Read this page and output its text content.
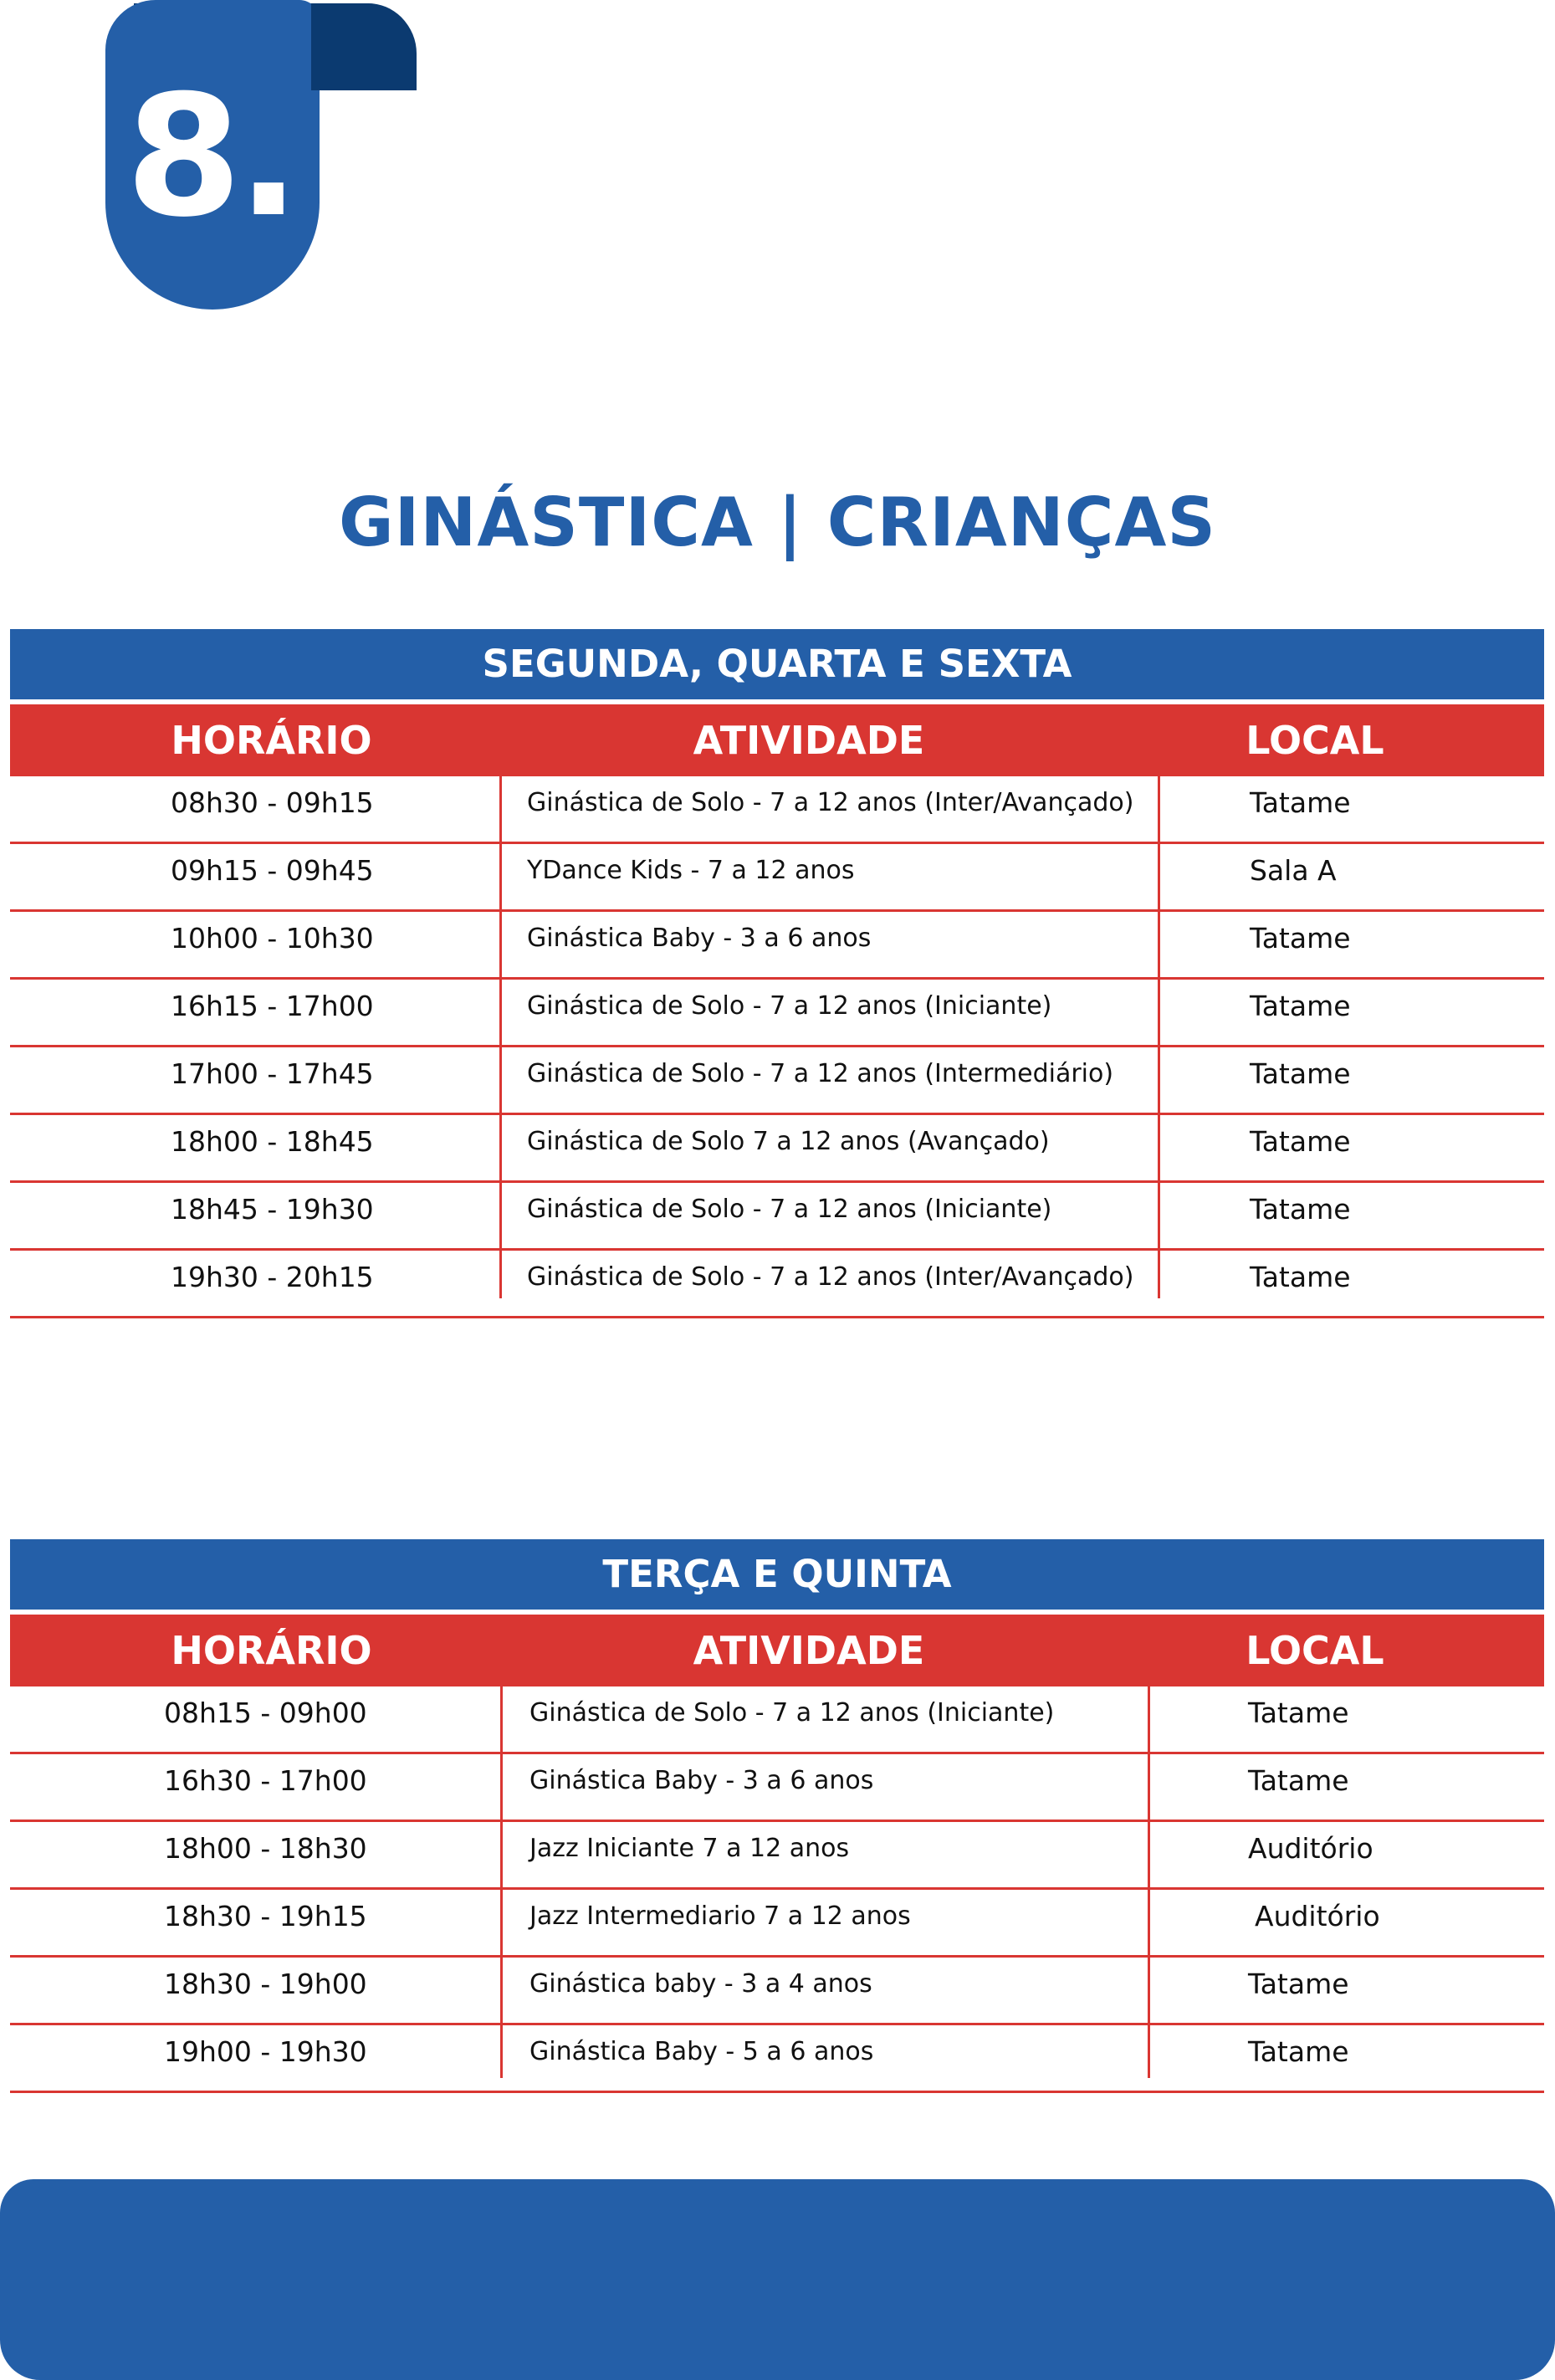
8.
GINÁSTICA | CRIANÇAS
SEGUNDA, QUARTA E SEXTA
HORÁRIO	ATIVIDADE	LOCAL
08h30 - 09h15	Ginástica de Solo - 7 a 12 anos (Inter/Avançado)	Tatame
09h15 - 09h45	YDance Kids - 7 a 12 anos	Sala A
10h00 - 10h30	Ginástica Baby - 3 a 6 anos	Tatame
16h15 - 17h00	Ginástica de Solo - 7 a 12 anos (Iniciante)	Tatame
17h00 - 17h45	Ginástica de Solo - 7 a 12 anos (Intermediário)	Tatame
18h00 - 18h45	Ginástica de Solo 7 a 12 anos (Avançado)	Tatame
18h45 - 19h30	Ginástica de Solo - 7 a 12 anos (Iniciante)	Tatame
19h30 - 20h15	Ginástica de Solo - 7 a 12 anos (Inter/Avançado)	Tatame
TERÇA E QUINTA
HORÁRIO	ATIVIDADE	LOCAL
08h15 - 09h00	Ginástica de Solo - 7 a 12 anos (Iniciante)	Tatame
16h30 - 17h00	Ginástica Baby - 3 a 6 anos	Tatame
18h00 - 18h30	Jazz Iniciante 7 a 12 anos	Auditório
18h30 - 19h15	Jazz Intermediario 7 a 12 anos	Auditório
18h30 - 19h00	Ginástica baby - 3 a 4 anos	Tatame
19h00 - 19h30	Ginástica Baby - 5 a 6 anos	Tatame
